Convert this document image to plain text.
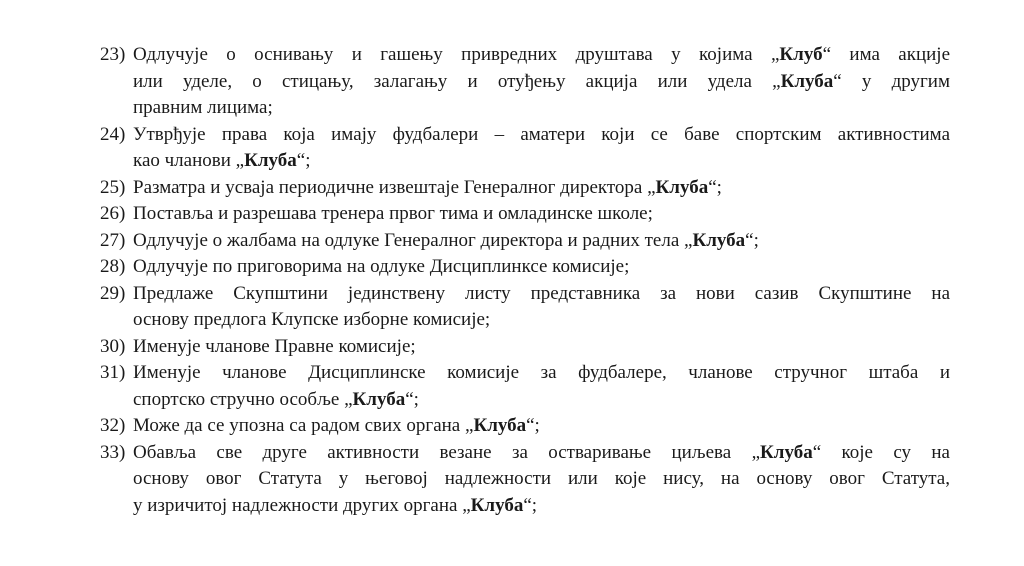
23) Одлучује о оснивању и гашењу привредних друштава у којима „Клуб“ има акције
или уделе, о стицању, залагању и отуђењу акција или удела „Клуба“ у другим
правним лицима;
24) Утврђује права која имају фудбалери – аматери који се баве спортским активностима
као чланови „Клуба“;
25) Разматра и усваја периодичне извештаје Генералног директора „Клуба“;
26) Поставља и разрешава тренера првог тима и омладинске школе;
27) Одлучује о жалбама на одлуке Генералног директора и радних тела „Клуба“;
28) Одлучује по приговорима на одлуке Дисциплинксе комисије;
29) Предлаже Скупштини јединствену листу представника за нови сазив Скупштине на
основу предлога Клупске изборне комисије;
30) Именује чланове Правне комисије;
31) Именује чланове Дисциплинске комисије за фудбалере, чланове стручног штаба и
спортско стручно особље „Клуба“;
32) Може да се упозна са радом свих органа „Клуба“;
33) Обавља све друге активности везане за остваривање циљева „Клуба“ које су на
основу овог Статута у његовој надлежности или које нису, на основу овог Статута,
у изричитој надлежности других органа „Клуба“;
